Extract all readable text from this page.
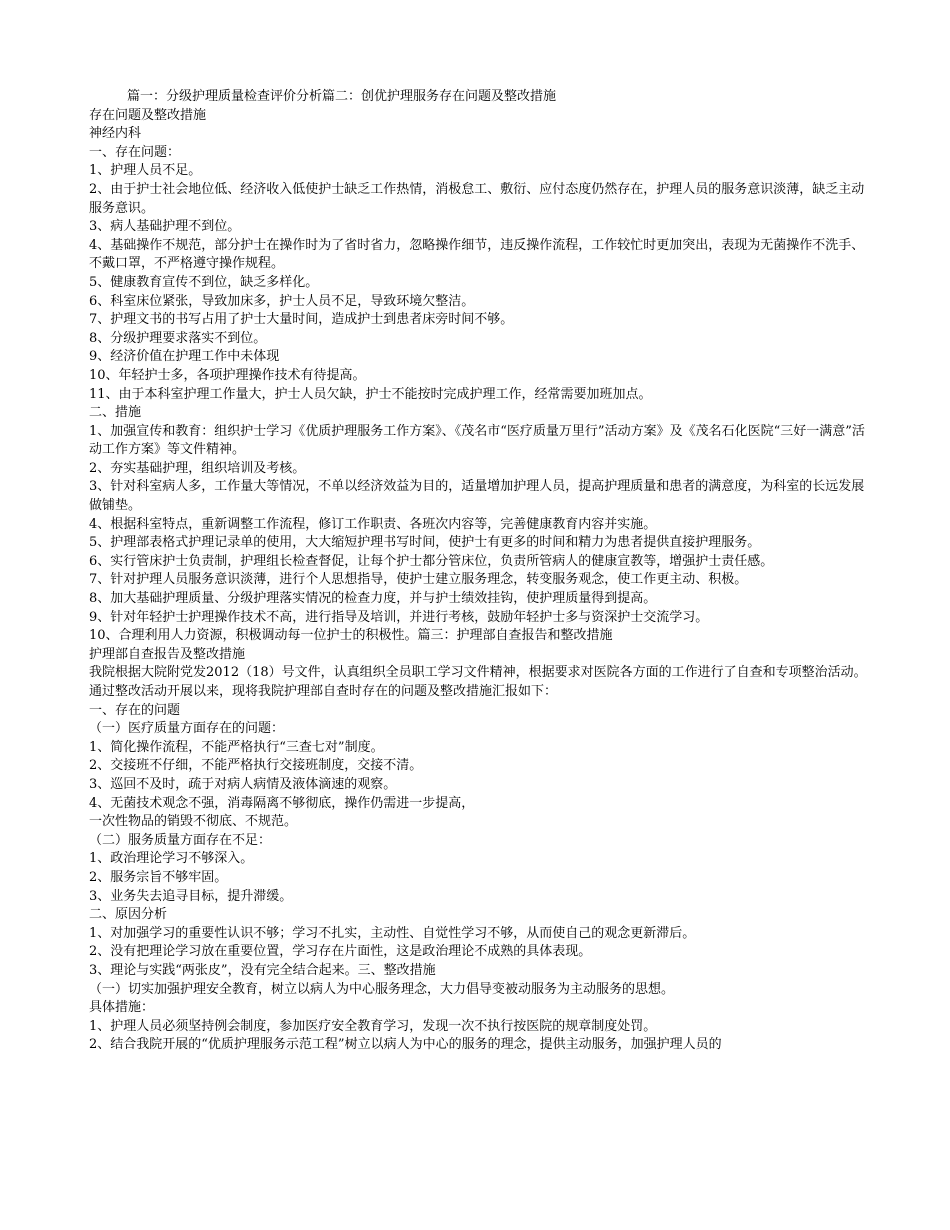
篇一：分级护理质量检查评价分析篇二：创优护理服务存在问题及整改措施
存在问题及整改措施
神经内科
一、存在问题：
1、护理人员不足。
2、由于护士社会地位低、经济收入低使护士缺乏工作热情，消极怠工、敷衍、应付态度仍然存在，护理人员的服务意识淡薄，缺乏主动服务意识。
3、病人基础护理不到位。
4、基础操作不规范，部分护士在操作时为了省时省力，忽略操作细节，违反操作流程，工作较忙时更加突出，表现为无菌操作不洗手、不戴口罩，不严格遵守操作规程。
5、健康教育宣传不到位，缺乏多样化。
6、科室床位紧张，导致加床多，护士人员不足，导致环境欠整洁。
7、护理文书的书写占用了护士大量时间，造成护士到患者床旁时间不够。
8、分级护理要求落实不到位。
9、经济价值在护理工作中未体现
10、年轻护士多，各项护理操作技术有待提高。
11、由于本科室护理工作量大，护士人员欠缺，护士不能按时完成护理工作，经常需要加班加点。
二、措施
1、加强宣传和教育：组织护士学习《优质护理服务工作方案》、《茂名市“医疗质量万里行”活动方案》及《茂名石化医院“三好一满意”活动工作方案》等文件精神。
2、夯实基础护理，组织培训及考核。
3、针对科室病人多，工作量大等情况，不单以经济效益为目的，适量增加护理人员，提高护理质量和患者的满意度，为科室的长远发展做铺垫。
4、根据科室特点，重新调整工作流程，修订工作职责、各班次内容等，完善健康教育内容并实施。
5、护理部表格式护理记录单的使用，大大缩短护理书写时间，使护士有更多的时间和精力为患者提供直接护理服务。
6、实行管床护士负责制，护理组长检查督促，让每个护士都分管床位，负责所管病人的健康宣教等，增强护士责任感。
7、针对护理人员服务意识淡薄，进行个人思想指导，使护士建立服务理念，转变服务观念，使工作更主动、积极。
8、加大基础护理质量、分级护理落实情况的检查力度，并与护士绩效挂钩，使护理质量得到提高。
9、针对年轻护士护理操作技术不高，进行指导及培训，并进行考核，鼓励年轻护士多与资深护士交流学习。
10、合理利用人力资源，积极调动每一位护士的积极性。篇三：护理部自查报告和整改措施
护理部自查报告及整改措施
我院根据大院附党发2012（18）号文件，认真组织全员职工学习文件精神，根据要求对医院各方面的工作进行了自查和专项整治活动。通过整改活动开展以来，现将我院护理部自查时存在的问题及整改措施汇报如下：
一、存在的问题
（一）医疗质量方面存在的问题：
1、简化操作流程，不能严格执行“三查七对”制度。
2、交接班不仔细，不能严格执行交接班制度，交接不清。
3、巡回不及时，疏于对病人病情及液体滴速的观察。
4、无菌技术观念不强，消毒隔离不够彻底，操作仍需进一步提高，
一次性物品的销毁不彻底、不规范。
（二）服务质量方面存在不足：
1、政治理论学习不够深入。
2、服务宗旨不够牢固。
3、业务失去追寻目标，提升滞缓。
二、原因分析
1、对加强学习的重要性认识不够；学习不扎实，主动性、自觉性学习不够，从而使自己的观念更新滞后。
2、没有把理论学习放在重要位置，学习存在片面性，这是政治理论不成熟的具体表现。
3、理论与实践“两张皮”，没有完全结合起来。三、整改措施
（一）切实加强护理安全教育，树立以病人为中心服务理念，大力倡导变被动服务为主动服务的思想。
具体措施：
1、护理人员必须坚持例会制度，参加医疗安全教育学习，发现一次不执行按医院的规章制度处罚。
2、结合我院开展的“优质护理服务示范工程”树立以病人为中心的服务的理念，提供主动服务，加强护理人员的
